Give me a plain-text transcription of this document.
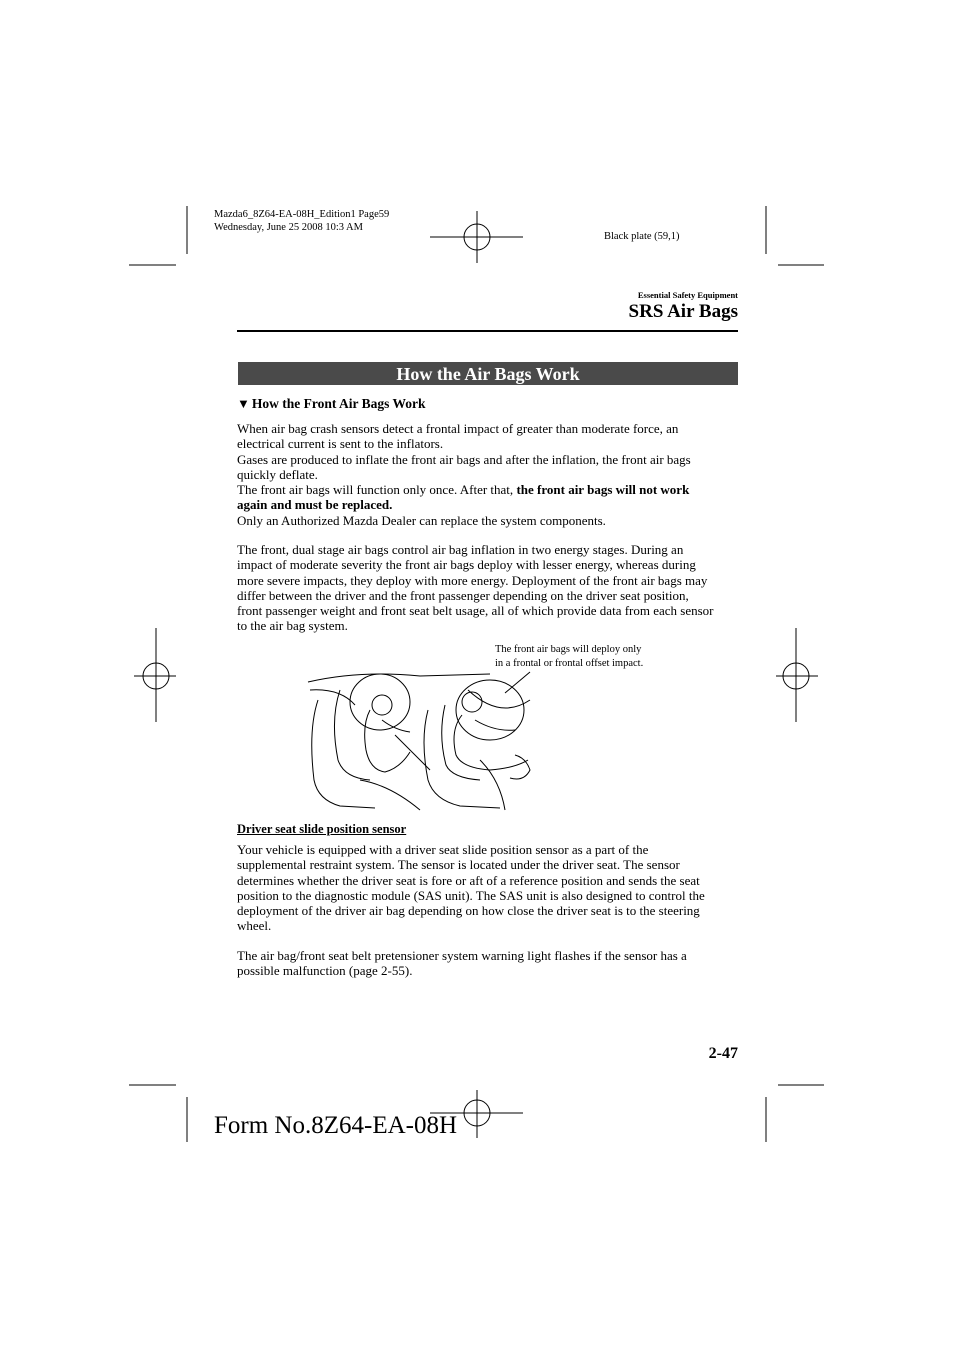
Mazda6_8Z64-EA-08H_Edition1 Page59
Wednesday, June 25 2008 10:3 AM
Black plate (59,1)
Essential Safety Equipment
SRS Air Bags
How the Air Bags Work
▼ How the Front Air Bags Work

When air bag crash sensors detect a frontal impact of greater than moderate force, an

electrical current is sent to the inflators.

Gases are produced to inflate the front air bags and after the inflation, the front air bags

quickly deflate.

The front air bags will function only once. After that, the front air bags will not work

again and must be replaced.

Only an Authorized Mazda Dealer can replace the system components.

The front, dual stage air bags control air bag inflation in two energy stages. During an

impact of moderate severity the front air bags deploy with lesser energy, whereas during

more severe impacts, they deploy with more energy. Deployment of the front air bags may

differ between the driver and the front passenger depending on the driver seat position,

front passenger weight and front seat belt usage, all of which provide data from each sensor

to the air bag system.

The front air bags will deploy only
in a frontal or frontal offset impact.
Driver seat slide position sensor

Your vehicle is equipped with a driver seat slide position sensor as a part of the

supplemental restraint system. The sensor is located under the driver seat. The sensor

determines whether the driver seat is fore or aft of a reference position and sends the seat

position to the diagnostic module (SAS unit). The SAS unit is also designed to control the

deployment of the driver air bag depending on how close the driver seat is to the steering

wheel.

The air bag/front seat belt pretensioner system warning light flashes if the sensor has a

possible malfunction (page 2-55).

2-47
Form No.8Z64-EA-08H
